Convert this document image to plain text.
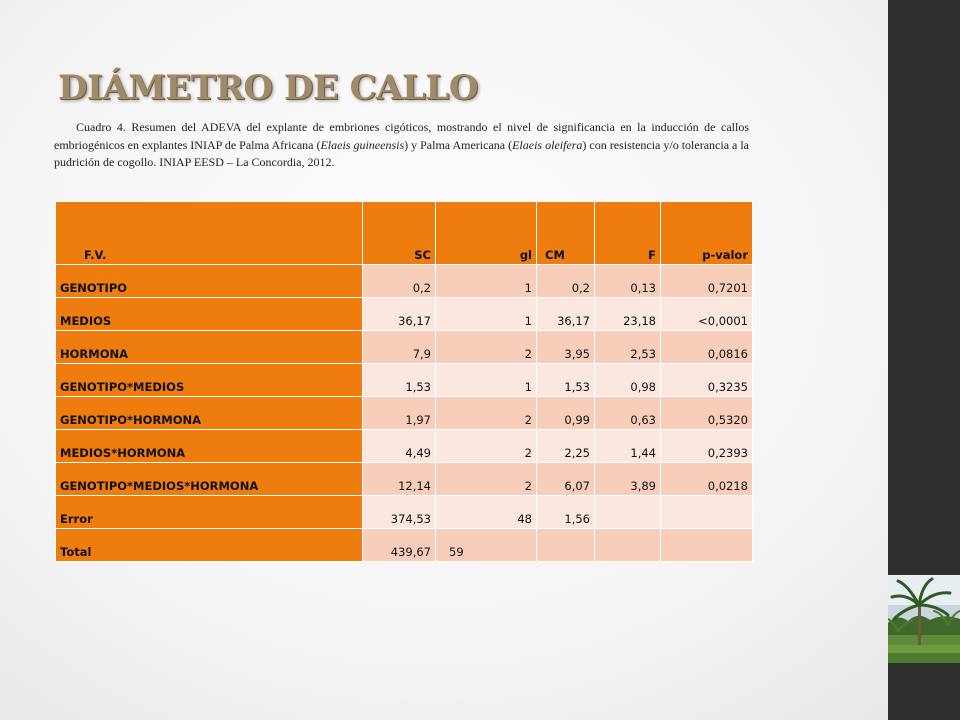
DIÁMETRO DE CALLO

Cuadro 4. Resumen del ADEVA del explante de embriones cigóticos, mostrando el nivel de significancia en la inducción de callos embriogénicos en explantes INIAP de Palma Africana (Elaeis guineensis) y Palma Americana (Elaeis oleifera) con resistencia y/o tolerancia a la pudrición de cogollo. INIAP EESD – La Concordia, 2012.

F.V.	SC	gl	CM	F	p-valor
GENOTIPO	0,2	1	0,2	0,13	0,7201
MEDIOS	36,17	1	36,17	23,18	<0,0001
HORMONA	7,9	2	3,95	2,53	0,0816
GENOTIPO*MEDIOS	1,53	1	1,53	0,98	0,3235
GENOTIPO*HORMONA	1,97	2	0,99	0,63	0,5320
MEDIOS*HORMONA	4,49	2	2,25	1,44	0,2393
GENOTIPO*MEDIOS*HORMONA	12,14	2	6,07	3,89	0,0218
Error	374,53	48	1,56		
Total	439,67	59			
